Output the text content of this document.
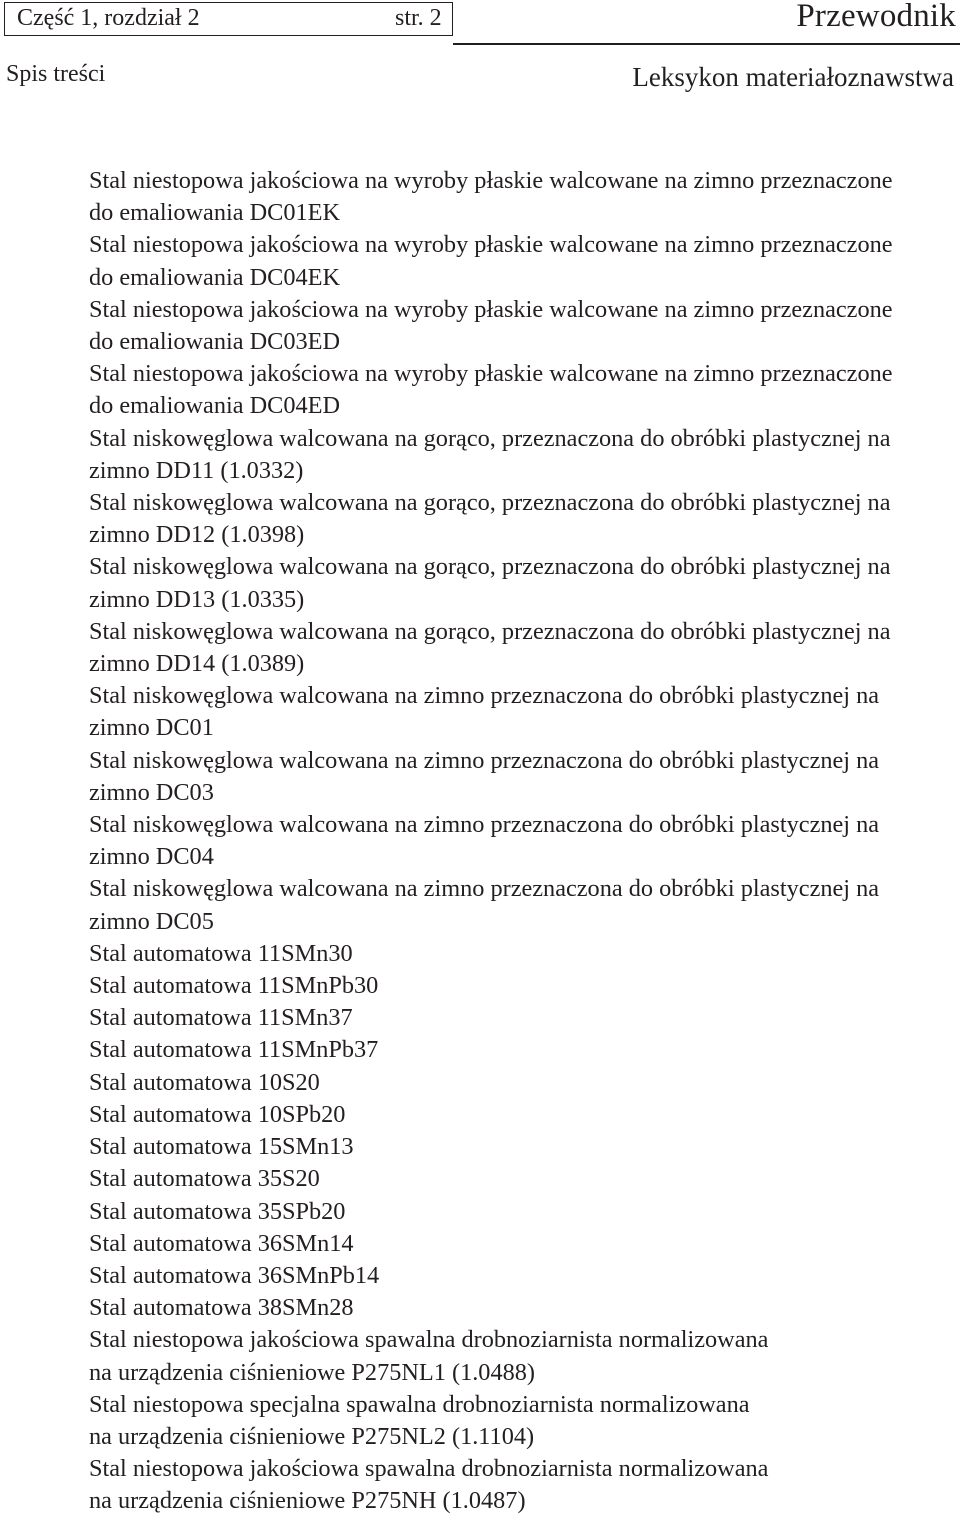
Część 1, rozdział 2	str. 2	Przewodnik
Spis treści	Leksykon materiałoznawstwa
Stal niestopowa jakościowa na wyroby płaskie walcowane na zimno przeznaczone
do emaliowania DC01EK
Stal niestopowa jakościowa na wyroby płaskie walcowane na zimno przeznaczone
do emaliowania DC04EK
Stal niestopowa jakościowa na wyroby płaskie walcowane na zimno przeznaczone
do emaliowania DC03ED
Stal niestopowa jakościowa na wyroby płaskie walcowane na zimno przeznaczone
do emaliowania DC04ED
Stal niskowęglowa walcowana na gorąco, przeznaczona do obróbki plastycznej na
zimno DD11 (1.0332)
Stal niskowęglowa walcowana na gorąco, przeznaczona do obróbki plastycznej na
zimno DD12 (1.0398)
Stal niskowęglowa walcowana na gorąco, przeznaczona do obróbki plastycznej na
zimno DD13 (1.0335)
Stal niskowęglowa walcowana na gorąco, przeznaczona do obróbki plastycznej na
zimno DD14 (1.0389)
Stal niskowęglowa walcowana na zimno przeznaczona do obróbki plastycznej na
zimno DC01
Stal niskowęglowa walcowana na zimno przeznaczona do obróbki plastycznej na
zimno DC03
Stal niskowęglowa walcowana na zimno przeznaczona do obróbki plastycznej na
zimno DC04
Stal niskowęglowa walcowana na zimno przeznaczona do obróbki plastycznej na
zimno DC05
Stal automatowa 11SMn30
Stal automatowa 11SMnPb30
Stal automatowa 11SMn37
Stal automatowa 11SMnPb37
Stal automatowa 10S20
Stal automatowa 10SPb20
Stal automatowa 15SMn13
Stal automatowa 35S20
Stal automatowa 35SPb20
Stal automatowa 36SMn14
Stal automatowa 36SMnPb14
Stal automatowa 38SMn28
Stal niestopowa jakościowa spawalna drobnoziarnista normalizowana
na urządzenia ciśnieniowe P275NL1 (1.0488)
Stal niestopowa specjalna spawalna drobnoziarnista normalizowana
na urządzenia ciśnieniowe P275NL2 (1.1104)
Stal niestopowa jakościowa spawalna drobnoziarnista normalizowana
na urządzenia ciśnieniowe P275NH (1.0487)
